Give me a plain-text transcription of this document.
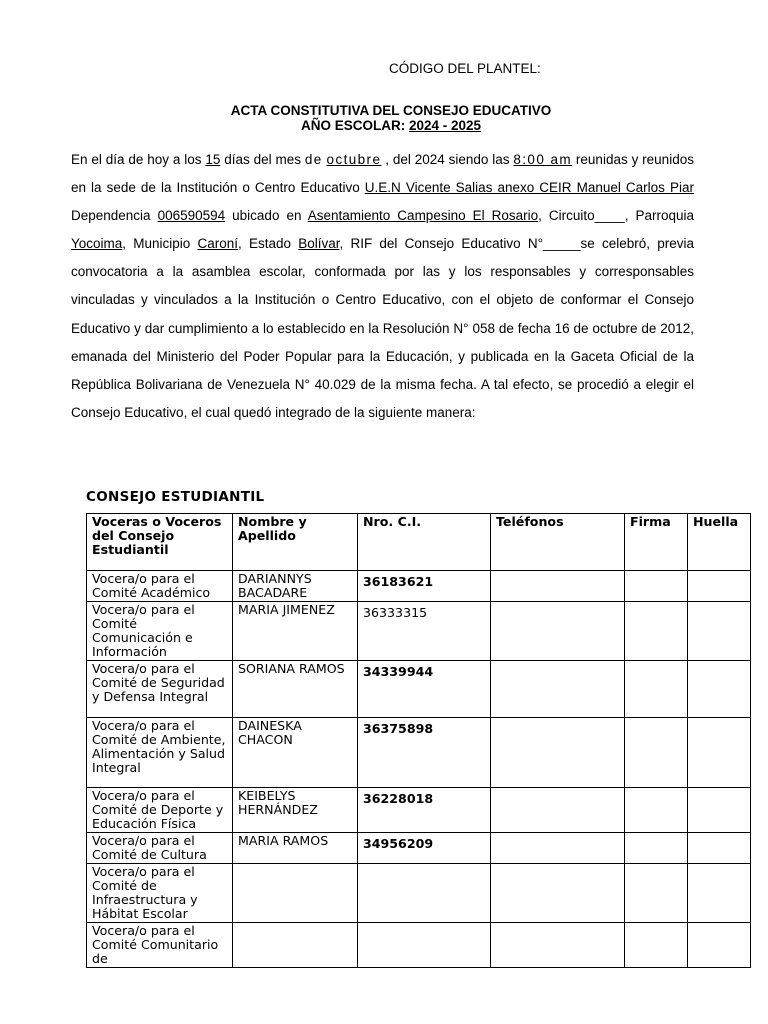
CÓDIGO DEL PLANTEL:
ACTA CONSTITUTIVA DEL CONSEJO EDUCATIVO
AÑO ESCOLAR: 2024 - 2025
En el día de hoy a los 15 días del mes de octubre , del 2024 siendo las 8:00 am reunidas y reunidos en la sede de la Institución o Centro Educativo U.E.N Vicente Salias anexo CEIR Manuel Carlos Piar Dependencia 006590594 ubicado en Asentamiento Campesino El Rosario, Circuito____, Parroquia Yocoima, Municipio Caroní, Estado Bolívar, RIF del Consejo Educativo N°_____se celebró, previa convocatoria a la asamblea escolar, conformada por las y los responsables y corresponsables vinculadas y vinculados a la Institución o Centro Educativo, con el objeto de conformar el Consejo Educativo y dar cumplimiento a lo establecido en la Resolución N° 058 de fecha 16 de octubre de 2012, emanada del Ministerio del Poder Popular para la Educación, y publicada en la Gaceta Oficial de la República Bolivariana de Venezuela N° 40.029 de la misma fecha. A tal efecto, se procedió a elegir el Consejo Educativo, el cual quedó integrado de la siguiente manera:
CONSEJO ESTUDIANTIL
Voceras o Voceros del Consejo Estudiantil	Nombre y Apellido	Nro. C.I.	Teléfonos	Firma	Huella
Vocera/o para el Comité Académico	DARIANNYS BACADARE	36183621			
Vocera/o para el Comité Comunicación e Información	MARIA JIMENEZ	36333315			
Vocera/o para el Comité de Seguridad y Defensa Integral	SORIANA RAMOS	34339944			
Vocera/o para el Comité de Ambiente, Alimentación y Salud Integral	DAINESKA CHACON	36375898			
Vocera/o para el Comité de Deporte y Educación Física	KEIBELYS HERNÁNDEZ	36228018			
Vocera/o para el Comité de Cultura	MARIA RAMOS	34956209			
Vocera/o para el Comité de Infraestructura y Hábitat Escolar					
Vocera/o para el Comité Comunitario de					
